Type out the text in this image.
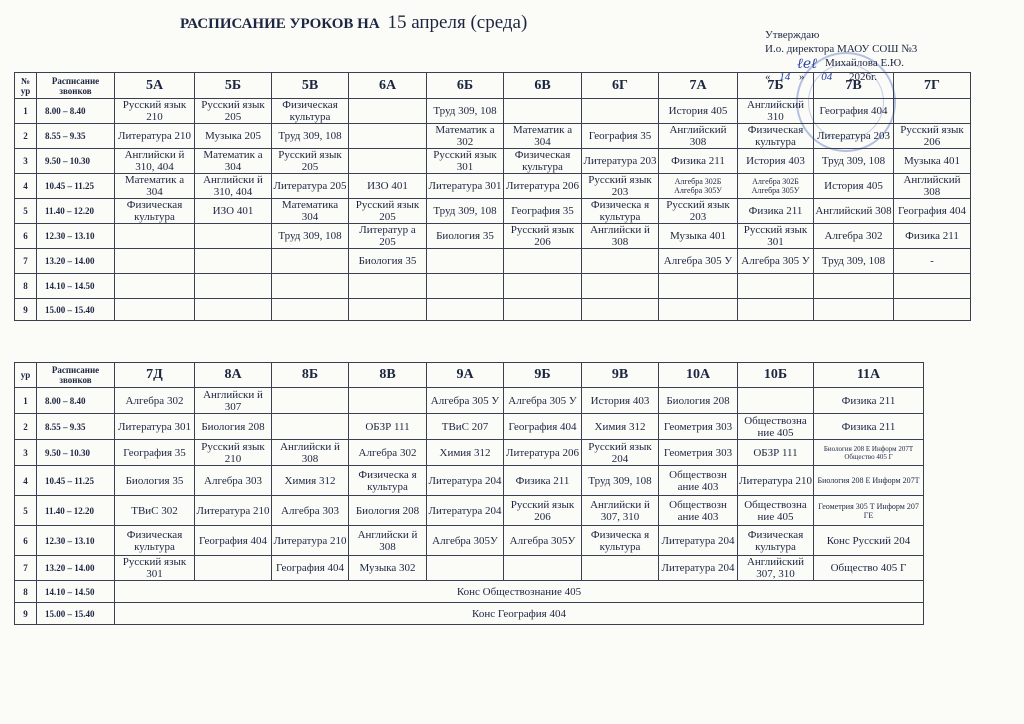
РАСПИСАНИЕ УРОКОВ НА 15 апреля (среда)
ℓ𝑒ℓ
Утверждаю
И.о. директора МАОУ СОШ №3
Михайлова Е.Ю.
« 14 » 04 2026г.
№ ур	Расписание звонков	5А	5Б	5В	6А	6Б	6В	6Г	7А	7Б	7В	7Г
1	8.00 – 8.40	Русский язык 210	Русский язык 205	Физическая культура		Труд 309, 108			История 405	Английский 310	География 404	
2	8.55 – 9.35	Литература 210	Музыка 205	Труд 309, 108		Математик а 302	Математик а 304	География 35	Английский 308	Физическая культура	Литература 203	Русский язык 206
3	9.50 – 10.30	Английски й 310, 404	Математик а 304	Русский язык 205		Русский язык 301	Физическая культура	Литература 203	Физика 211	История 403	Труд 309, 108	Музыка 401
4	10.45 – 11.25	Математик а 304	Английски й 310, 404	Литература 205	ИЗО 401	Литература 301	Литература 206	Русский язык 203	Алгебра 302Б Алгебра 305У	Алгебра 302Б Алгебра 305У	История 405	Английский 308
5	11.40 – 12.20	Физическая культура	ИЗО 401	Математика 304	Русский язык 205	Труд 309, 108	География 35	Физическа я культура	Русский язык 203	Физика 211	Английский 308	География 404
6	12.30 – 13.10			Труд 309, 108	Литератур а 205	Биология 35	Русский язык 206	Английски й 308	Музыка 401	Русский язык 301	Алгебра 302	Физика 211
7	13.20 – 14.00				Биология 35				Алгебра 305 У	Алгебра 305 У	Труд 309, 108	-
8	14.10 – 14.50											
9	15.00 – 15.40											
ур	Расписание звонков	7Д	8А	8Б	8В	9А	9Б	9В	10А	10Б	11А
1	8.00 – 8.40	Алгебра 302	Английски й 307			Алгебра 305 У	Алгебра 305 У	История 403	Биология 208		Физика 211
2	8.55 – 9.35	Литература 301	Биология 208		ОБЗР 111	ТВиС 207	География 404	Химия 312	Геометрия 303	Обществозна ние 405	Физика 211
3	9.50 – 10.30	География 35	Русский язык 210	Английски й 308	Алгебра 302	Химия 312	Литература 206	Русский язык 204	Геометрия 303	ОБЗР 111	Биология 208 Е Информ 207Т Общество 405 Г
4	10.45 – 11.25	Биология 35	Алгебра 303	Химия 312	Физическа я культура	Литература 204	Физика 211	Труд 309, 108	Обществозн ание 403	Литература 210	Биология 208 Е Информ 207Т
5	11.40 – 12.20	ТВиС 302	Литература 210	Алгебра 303	Биология 208	Литература 204	Русский язык 206	Английски й 307, 310	Обществозн ание 403	Обществозна ние 405	Геометрия 305 Т Информ 207 ГЕ
6	12.30 – 13.10	Физическая культура	География 404	Литература 210	Английски й 308	Алгебра 305У	Алгебра 305У	Физическа я культура	Литература 204	Физическая культура	Конс Русский 204
7	13.20 – 14.00	Русский язык 301		География 404	Музыка 302				Литература 204	Английский 307, 310	Общество 405 Г
8	14.10 – 14.50	Конс Обществознание 405									
9	15.00 – 15.40	Конс География 404									
